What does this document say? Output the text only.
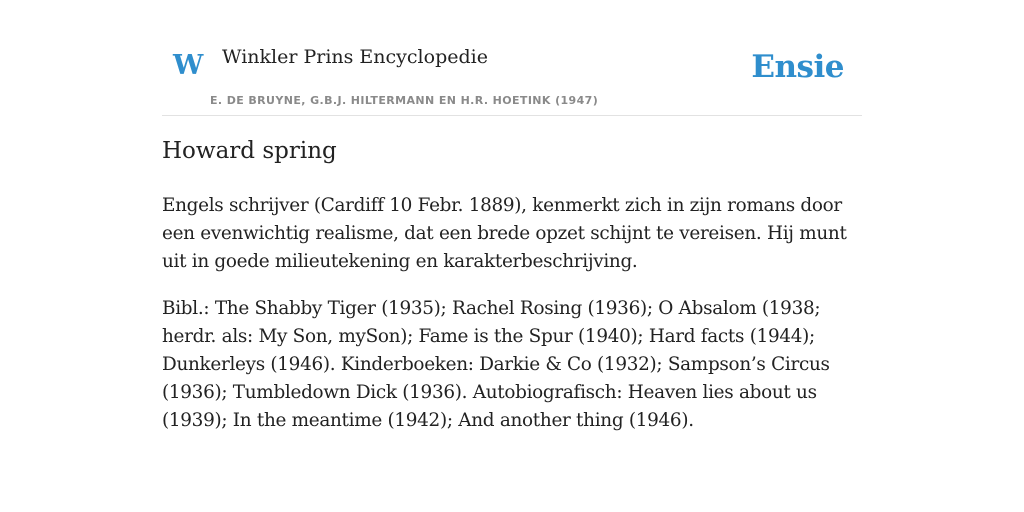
W Winkler Prins Encyclopedie
E. DE BRUYNE, G.B.J. HILTERMANN EN H.R. HOETINK (1947)
Ensie
Howard spring

Engels schrijver (Cardiff 10 Febr. 1889), kenmerkt zich in zijn romans door een evenwichtig realisme, dat een brede opzet schijnt te vereisen. Hij munt uit in goede milieutekening en karakterbeschrijving.

Bibl.: The Shabby Tiger (1935); Rachel Rosing (1936); O Absalom (1938; herdr. als: My Son, mySon); Fame is the Spur (1940); Hard facts (1944); Dunkerleys (1946). Kinderboeken: Darkie & Co (1932); Sampson’s Circus (1936); Tumbledown Dick (1936). Autobiografisch: Heaven lies about us (1939); In the meantime (1942); And another thing (1946).
